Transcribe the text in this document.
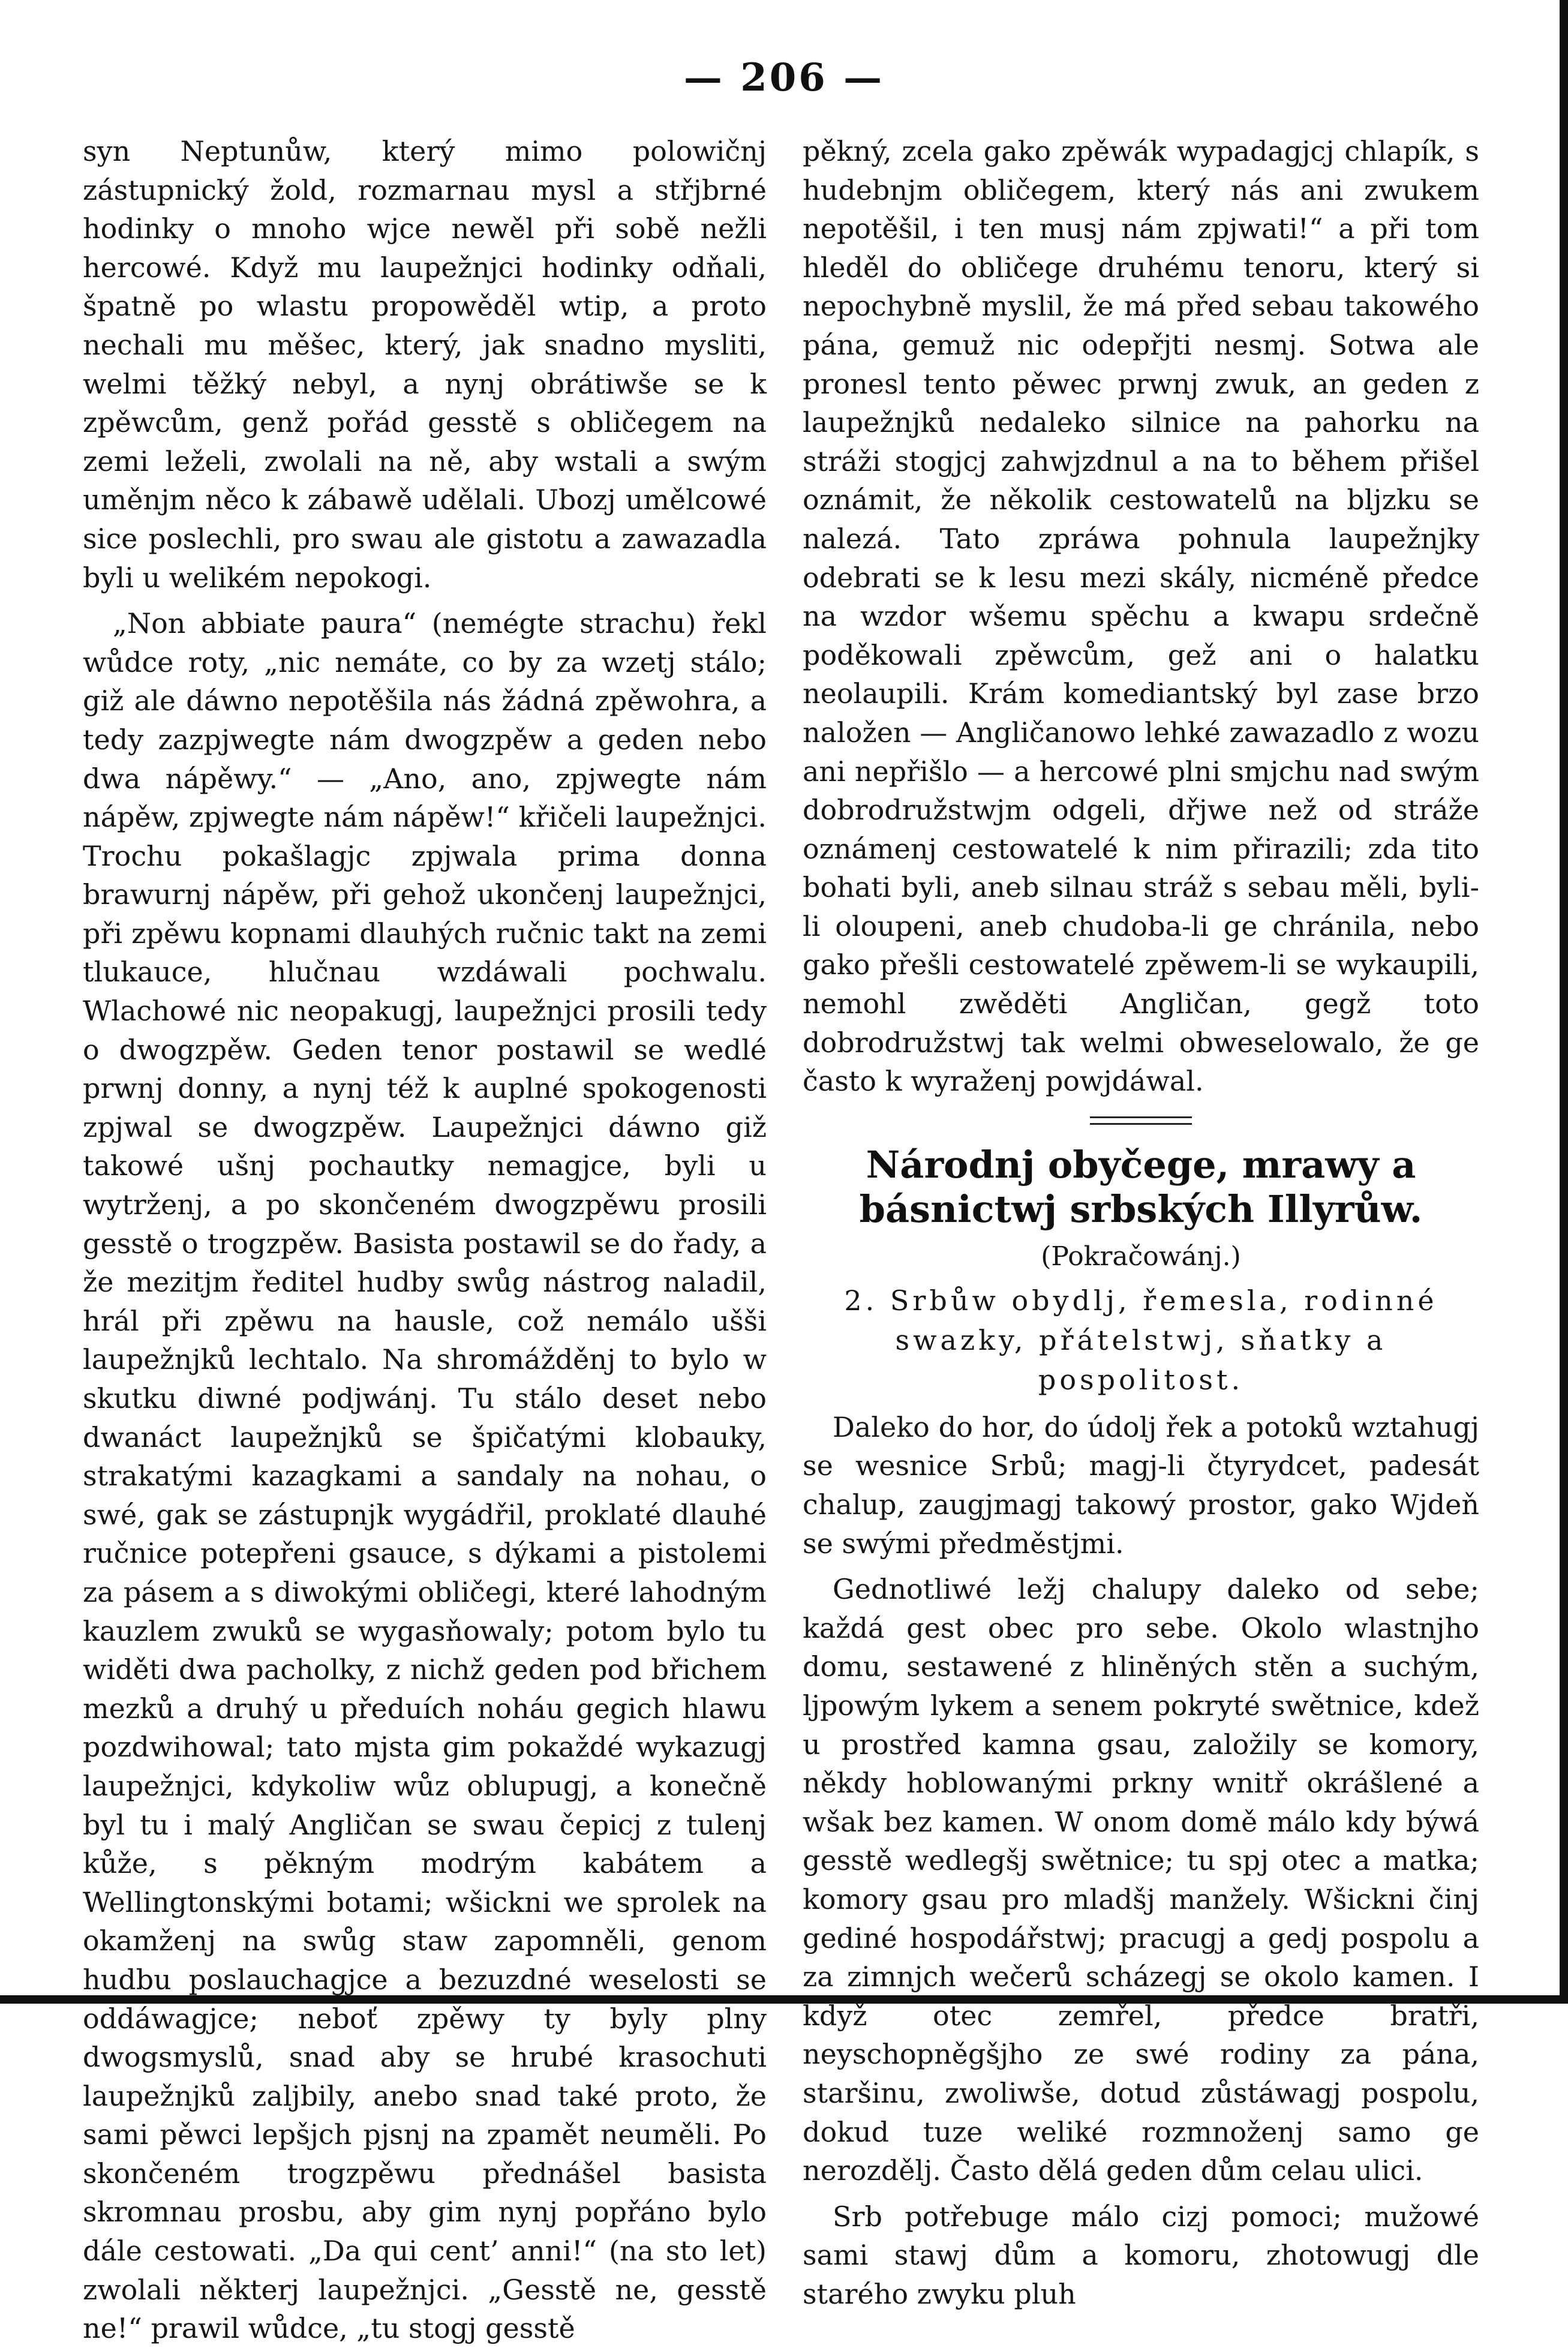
— 206 —

syn Neptunůw, který mimo polowičnj zástupnický žold, rozmarnau mysl a střjbrné hodinky o mnoho wjce newěl při sobě nežli hercowé. Když mu laupežnjci hodinky odňali, špatně po wlastu propowěděl wtip, a proto nechali mu měšec, který, jak snadno mysliti, welmi těžký nebyl, a nynj obrátiwše se k zpěwcům, genž pořád gesstě s obličegem na zemi leželi, zwolali na ně, aby wstali a swým uměnjm něco k zábawě udělali. Ubozj umělcowé sice poslechli, pro swau ale gistotu a zawazadla byli u welikém nepokogi.

„Non abbiate paura“ (nemégte strachu) řekl wůdce roty, „nic nemáte, co by za wzetj stálo; giž ale dáwno nepotěšila nás žádná zpěwohra, a tedy zazpjwegte nám dwogzpěw a geden nebo dwa nápěwy.“ — „Ano, ano, zpjwegte nám nápěw, zpjwegte nám nápěw!“ křičeli laupežnjci. Trochu pokašlagjc zpjwala prima donna brawurnj nápěw, při gehož ukončenj laupežnjci, při zpěwu kopnami dlauhých ručnic takt na zemi tlukauce, hlučnau wzdáwali pochwalu. Wlachowé nic neopakugj, laupežnjci prosili tedy o dwogzpěw. Geden tenor postawil se wedlé prwnj donny, a nynj též k auplné spokogenosti zpjwal se dwogzpěw. Laupežnjci dáwno giž takowé ušnj pochautky nemagjce, byli u wytrženj, a po skončeném dwogzpěwu prosili gesstě o trogzpěw. Basista postawil se do řady, a že mezitjm ředitel hudby swůg nástrog naladil, hrál při zpěwu na hausle, což nemálo ušši laupežnjků lechtalo. Na shromážděnj to bylo w skutku diwné podjwánj. Tu stálo deset nebo dwanáct laupežnjků se špičatými klobauky, strakatými kazagkami a sandaly na nohau, o swé, gak se zástupnjk wygádřil, proklaté dlauhé ručnice potepřeni gsauce, s dýkami a pistolemi za pásem a s diwokými obličegi, které lahodným kauzlem zwuků se wygasňowaly; potom bylo tu widěti dwa pacholky, z nichž geden pod břichem mezků a druhý u předuích noháu gegich hlawu pozdwihowal; tato mjsta gim pokaždé wykazugj laupežnjci, kdykoliw wůz oblupugj, a konečně byl tu i malý Angličan se swau čepicj z tulenj kůže, s pěkným modrým kabátem a Wellingtonskými botami; wšickni we sprolek na okamženj na swůg staw zapomněli, genom hudbu poslauchagjce a bezuzdné weselosti se oddáwagjce; neboť zpěwy ty byly plny dwogsmyslů, snad aby se hrubé krasochuti laupežnjků zaljbily, anebo snad také proto, že sami pěwci lepšjch pjsnj na zpamět neuměli. Po skončeném trogzpěwu přednášel basista skromnau prosbu, aby gim nynj popřáno bylo dále cestowati. „Da qui cent’ anni!“ (na sto let) zwolali některj laupežnjci. „Gesstě ne, gesstě ne!“ prawil wůdce, „tu stogj gesstě

pěkný, zcela gako zpěwák wypadagjcj chlapík, s hudebnjm obličegem, který nás ani zwukem nepotěšil, i ten musj nám zpjwati!“ a při tom hleděl do obličege druhému tenoru, který si nepochybně myslil, že má před sebau takowého pána, gemuž nic odepřjti nesmj. Sotwa ale pronesl tento pěwec prwnj zwuk, an geden z laupežnjků nedaleko silnice na pahorku na stráži stogjcj zahwjzdnul a na to během přišel oznámit, že několik cestowatelů na bljzku se nalezá. Tato zpráwa pohnula laupežnjky odebrati se k lesu mezi skály, nicméně předce na wzdor wšemu spěchu a kwapu srdečně poděkowali zpěwcům, gež ani o halatku neolaupili. Krám komediantský byl zase brzo naložen — Angličanowo lehké zawazadlo z wozu ani nepřišlo — a hercowé plni smjchu nad swým dobrodružstwjm odgeli, dřjwe než od stráže oznámenj cestowatelé k nim přirazili; zda tito bohati byli, aneb silnau stráž s sebau měli, byli-li oloupeni, aneb chudoba-li ge chránila, nebo gako přešli cestowatelé zpěwem-li se wykaupili, nemohl zwěděti Angličan, gegž toto dobrodružstwj tak welmi obweselowalo, že ge často k wyraženj powjdáwal.

Národnj obyčege, mrawy a básnictwj srbských Illyrůw.
(Pokračowánj.)
2. Srbůw obydlj, řemesla, rodinné swazky, přátelstwj, sňatky a pospolitost.

Daleko do hor, do údolj řek a potoků wztahugj se wesnice Srbů; magj-li čtyrydcet, padesát chalup, zaugjmagj takowý prostor, gako Wjdeň se swými předměstjmi.

Gednotliwé ležj chalupy daleko od sebe; každá gest obec pro sebe. Okolo wlastnjho domu, sestawené z hliněných stěn a suchým, ljpowým lykem a senem pokryté swětnice, kdež u prostřed kamna gsau, založily se komory, někdy hoblowanými prkny wnitř okrášlené a wšak bez kamen. W onom domě málo kdy býwá gesstě wedlegšj swětnice; tu spj otec a matka; komory gsau pro mladšj manžely. Wšickni činj gediné hospodářstwj; pracugj a gedj pospolu a za zimnjch wečerů scházegj se okolo kamen. I když otec zemřel, předce bratři, neyschopněgšjho ze swé rodiny za pána, staršinu, zwoliwše, dotud zůstáwagj pospolu, dokud tuze weliké rozmnoženj samo ge nerozdělj. Často dělá geden dům celau ulici.

Srb potřebuge málo cizj pomoci; mužowé sami stawj dům a komoru, zhotowugj dle starého zwyku pluh
